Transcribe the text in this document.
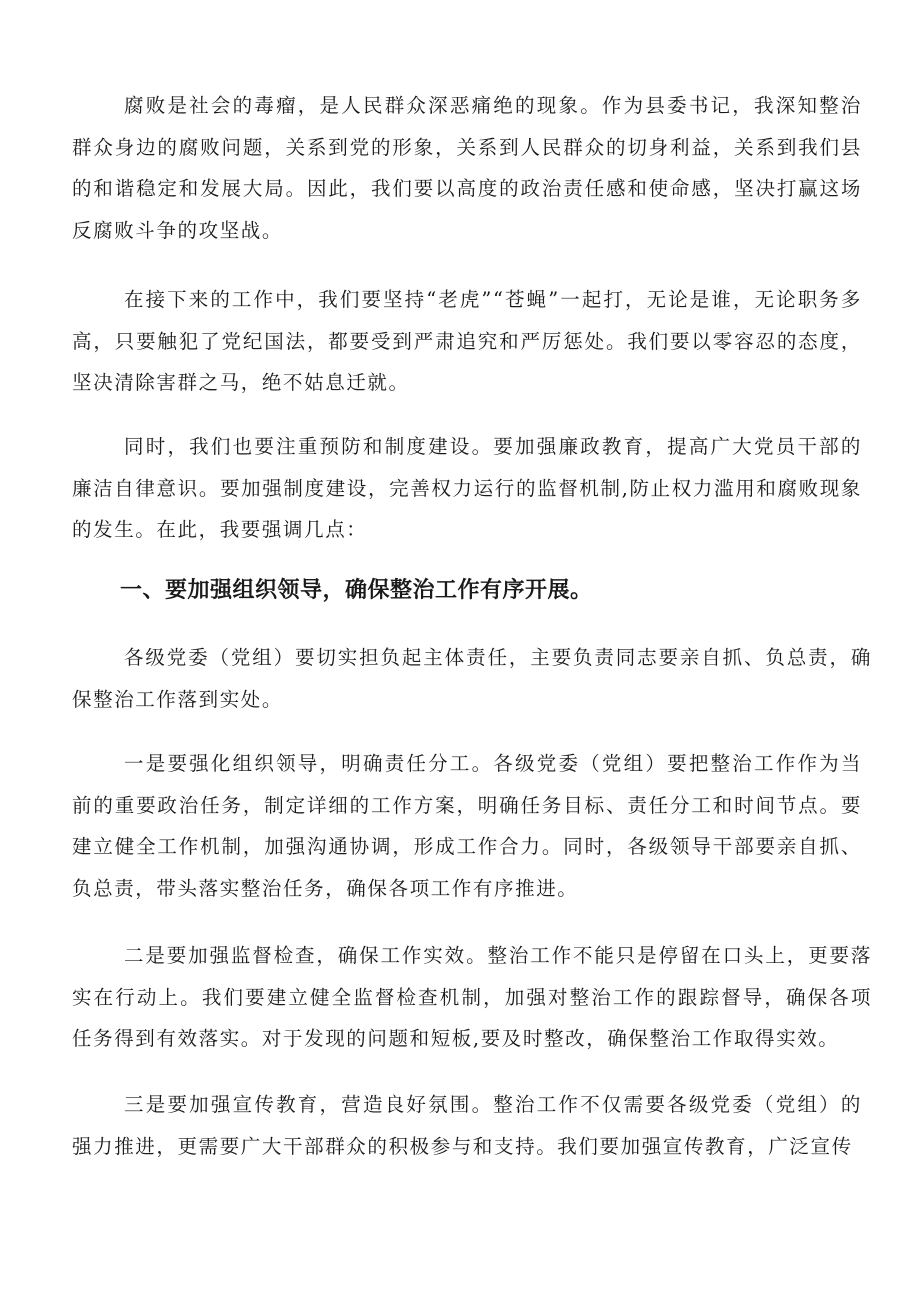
腐败是社会的毒瘤，是人民群众深恶痛绝的现象。作为县委书记，我深知整治群众身边的腐败问题，关系到党的形象，关系到人民群众的切身利益，关系到我们县的和谐稳定和发展大局。因此，我们要以高度的政治责任感和使命感，坚决打赢这场反腐败斗争的攻坚战。

在接下来的工作中，我们要坚持“老虎”“苍蝇”一起打，无论是谁，无论职务多高，只要触犯了党纪国法，都要受到严肃追究和严厉惩处。我们要以零容忍的态度，坚决清除害群之马，绝不姑息迁就。

同时，我们也要注重预防和制度建设。要加强廉政教育，提高广大党员干部的廉洁自律意识。要加强制度建设，完善权力运行的监督机制,防止权力滥用和腐败现象的发生。在此，我要强调几点：

一、要加强组织领导，确保整治工作有序开展。

各级党委（党组）要切实担负起主体责任，主要负责同志要亲自抓、负总责，确保整治工作落到实处。

一是要强化组织领导，明确责任分工。各级党委（党组）要把整治工作作为当前的重要政治任务，制定详细的工作方案，明确任务目标、责任分工和时间节点。要建立健全工作机制，加强沟通协调，形成工作合力。同时，各级领导干部要亲自抓、负总责，带头落实整治任务，确保各项工作有序推进。

二是要加强监督检查，确保工作实效。整治工作不能只是停留在口头上，更要落实在行动上。我们要建立健全监督检查机制，加强对整治工作的跟踪督导，确保各项任务得到有效落实。对于发现的问题和短板,要及时整改，确保整治工作取得实效。

三是要加强宣传教育，营造良好氛围。整治工作不仅需要各级党委（党组）的强力推进，更需要广大干部群众的积极参与和支持。我们要加强宣传教育，广泛宣传
